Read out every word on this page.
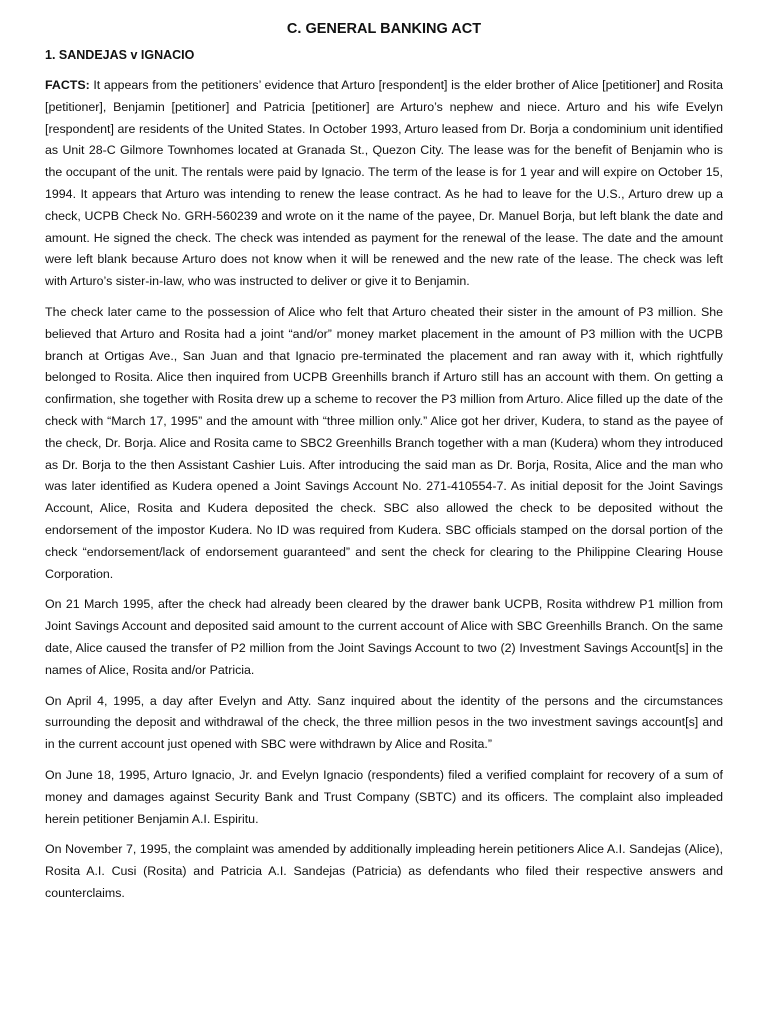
C. GENERAL BANKING ACT
1. SANDEJAS v IGNACIO

FACTS: It appears from the petitioners’ evidence that Arturo [respondent] is the elder brother of Alice [petitioner] and Rosita [petitioner], Benjamin [petitioner] and Patricia [petitioner] are Arturo’s nephew and niece. Arturo and his wife Evelyn [respondent] are residents of the United States. In October 1993, Arturo leased from Dr. Borja a condominium unit identified as Unit 28-C Gilmore Townhomes located at Granada St., Quezon City. The lease was for the benefit of Benjamin who is the occupant of the unit. The rentals were paid by Ignacio. The term of the lease is for 1 year and will expire on October 15, 1994. It appears that Arturo was intending to renew the lease contract. As he had to leave for the U.S., Arturo drew up a check, UCPB Check No. GRH-560239 and wrote on it the name of the payee, Dr. Manuel Borja, but left blank the date and amount. He signed the check. The check was intended as payment for the renewal of the lease. The date and the amount were left blank because Arturo does not know when it will be renewed and the new rate of the lease. The check was left with Arturo’s sister-in-law, who was instructed to deliver or give it to Benjamin.

The check later came to the possession of Alice who felt that Arturo cheated their sister in the amount of P3 million. She believed that Arturo and Rosita had a joint “and/or” money market placement in the amount of P3 million with the UCPB branch at Ortigas Ave., San Juan and that Ignacio pre-terminated the placement and ran away with it, which rightfully belonged to Rosita. Alice then inquired from UCPB Greenhills branch if Arturo still has an account with them. On getting a confirmation, she together with Rosita drew up a scheme to recover the P3 million from Arturo. Alice filled up the date of the check with “March 17, 1995” and the amount with “three million only.” Alice got her driver, Kudera, to stand as the payee of the check, Dr. Borja. Alice and Rosita came to SBC2 Greenhills Branch together with a man (Kudera) whom they introduced as Dr. Borja to the then Assistant Cashier Luis. After introducing the said man as Dr. Borja, Rosita, Alice and the man who was later identified as Kudera opened a Joint Savings Account No. 271-410554-7. As initial deposit for the Joint Savings Account, Alice, Rosita and Kudera deposited the check. SBC also allowed the check to be deposited without the endorsement of the impostor Kudera. No ID was required from Kudera. SBC officials stamped on the dorsal portion of the check “endorsement/lack of endorsement guaranteed” and sent the check for clearing to the Philippine Clearing House Corporation.

On 21 March 1995, after the check had already been cleared by the drawer bank UCPB, Rosita withdrew P1 million from Joint Savings Account and deposited said amount to the current account of Alice with SBC Greenhills Branch. On the same date, Alice caused the transfer of P2 million from the Joint Savings Account to two (2) Investment Savings Account[s] in the names of Alice, Rosita and/or Patricia.

On April 4, 1995, a day after Evelyn and Atty. Sanz inquired about the identity of the persons and the circumstances surrounding the deposit and withdrawal of the check, the three million pesos in the two investment savings account[s] and in the current account just opened with SBC were withdrawn by Alice and Rosita.”

On June 18, 1995, Arturo Ignacio, Jr. and Evelyn Ignacio (respondents) filed a verified complaint for recovery of a sum of money and damages against Security Bank and Trust Company (SBTC) and its officers. The complaint also impleaded herein petitioner Benjamin A.I. Espiritu.

On November 7, 1995, the complaint was amended by additionally impleading herein petitioners Alice A.I. Sandejas (Alice), Rosita A.I. Cusi (Rosita) and Patricia A.I. Sandejas (Patricia) as defendants who filed their respective answers and counterclaims.
